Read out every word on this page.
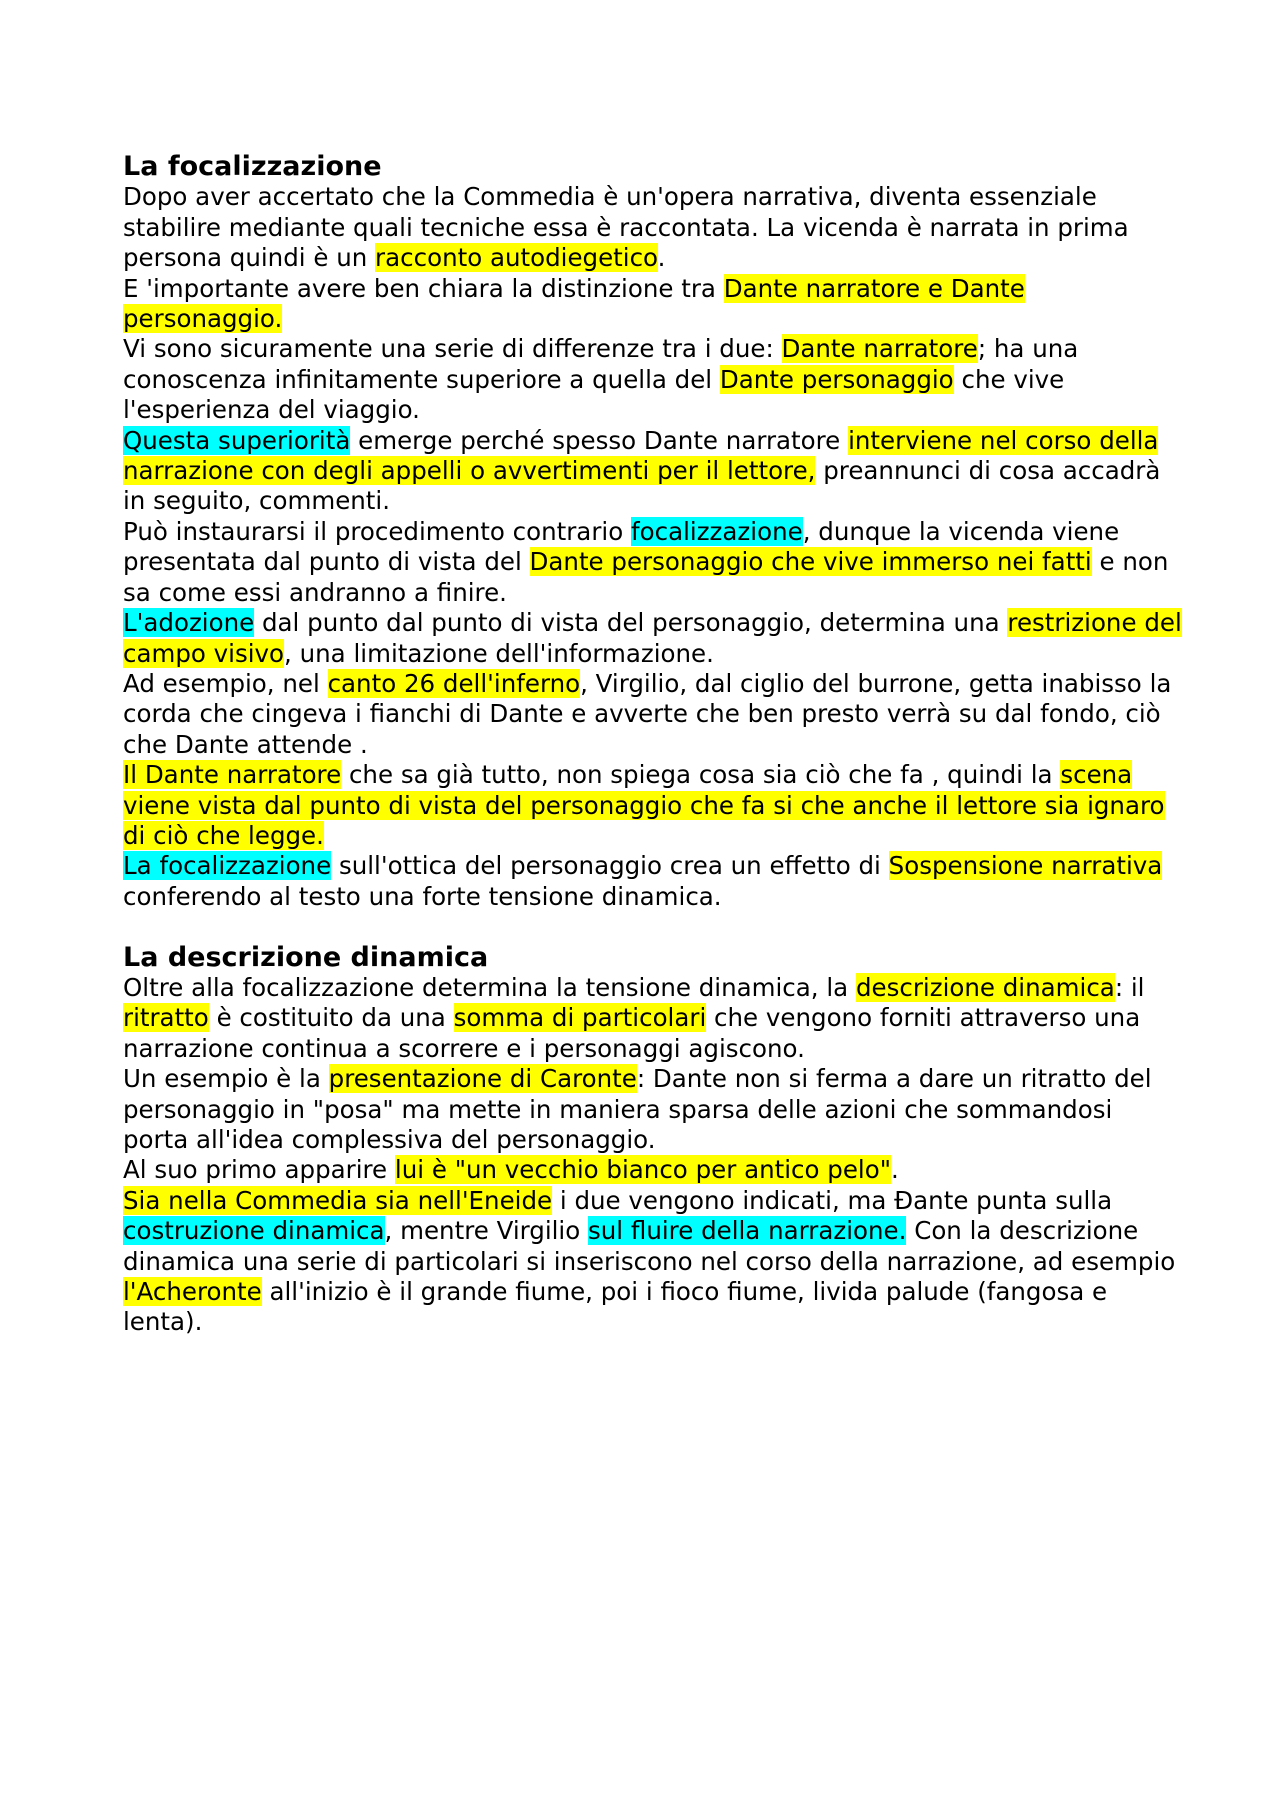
La focalizzazione
Dopo aver accertato che la Commedia è un'opera narrativa, diventa essenziale stabilire mediante quali tecniche essa è raccontata. La vicenda è narrata in prima persona quindi è un racconto autodiegetico.
E 'importante avere ben chiara la distinzione tra Dante narratore e Dante personaggio.
Vi sono sicuramente una serie di differenze tra i due: Dante narratore; ha una conoscenza infinitamente superiore a quella del Dante personaggio che vive l'esperienza del viaggio.
Questa superiorità emerge perché spesso Dante narratore interviene nel corso della narrazione con degli appelli o avvertimenti per il lettore, preannunci di cosa accadrà in seguito, commenti.
Può instaurarsi il procedimento contrario focalizzazione, dunque la vicenda viene presentata dal punto di vista del Dante personaggio che vive immerso nei fatti e non sa come essi andranno a finire.
L'adozione dal punto dal punto di vista del personaggio, determina una restrizione del campo visivo, una limitazione dell'informazione.
Ad esempio, nel canto 26 dell'inferno, Virgilio, dal ciglio del burrone, getta inabisso la corda che cingeva i fianchi di Dante e avverte che ben presto verrà su dal fondo, ciò che Dante attende .
Il Dante narratore che sa già tutto, non spiega cosa sia ciò che fa , quindi la scena viene vista dal punto di vista del personaggio che fa si che anche il lettore sia ignaro di ciò che legge.
La focalizzazione sull'ottica del personaggio crea un effetto di Sospensione narrativa conferendo al testo una forte tensione dinamica.
La descrizione dinamica
Oltre alla focalizzazione determina la tensione dinamica, la descrizione dinamica: il ritratto è costituito da una somma di particolari che vengono forniti attraverso una narrazione continua a scorrere e i personaggi agiscono.
Un esempio è la presentazione di Caronte: Dante non si ferma a dare un ritratto del personaggio in "posa" ma mette in maniera sparsa delle azioni che sommandosi porta all'idea complessiva del personaggio.
Al suo primo apparire lui è "un vecchio bianco per antico pelo".
Sia nella Commedia sia nell'Eneide i due vengono indicati, ma Đante punta sulla costruzione dinamica, mentre Virgilio sul fluire della narrazione. Con la descrizione dinamica una serie di particolari si inseriscono nel corso della narrazione, ad esempio l'Acheronte all'inizio è il grande fiume, poi i fioco fiume, livida palude (fangosa e lenta).
